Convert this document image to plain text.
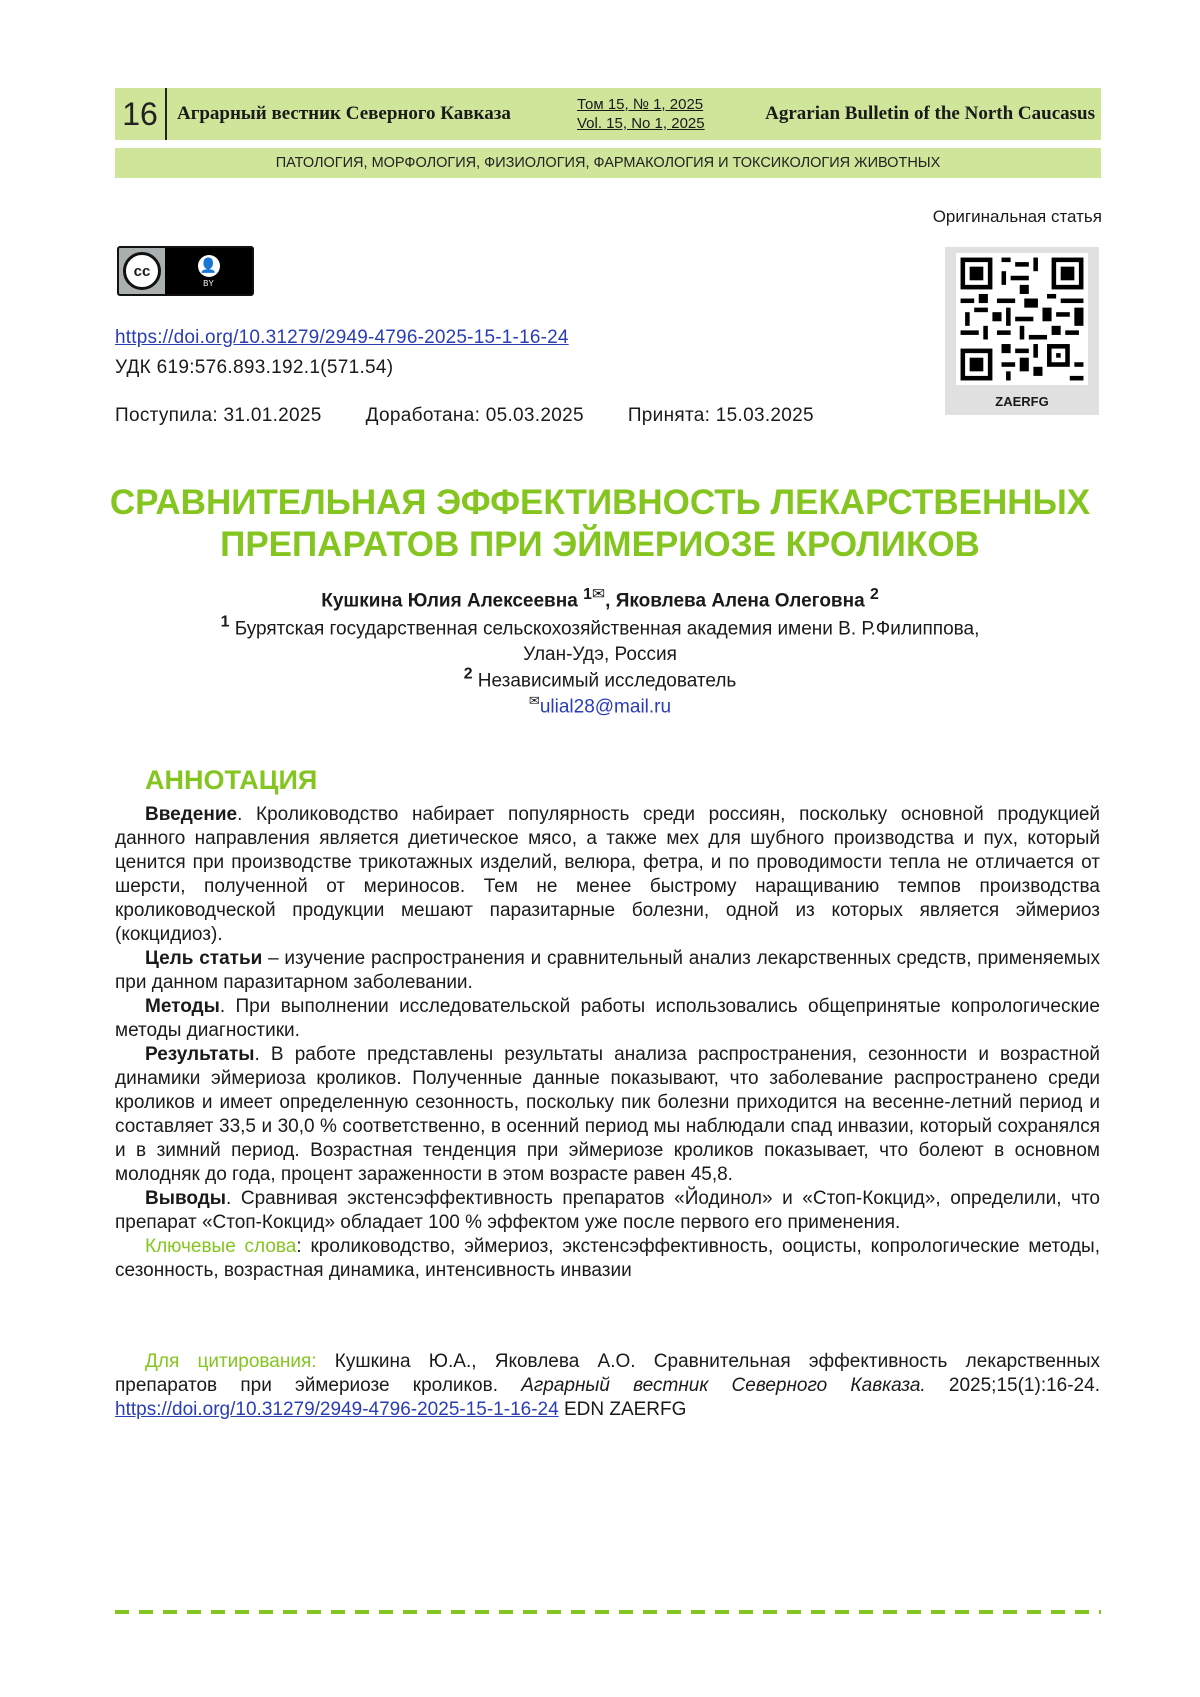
16	Аграрный вестник Северного Кавказа	Том 15, № 1, 2025
Vol. 15, No 1, 2025	Agrarian Bulletin of the North Caucasus
ПАТОЛОГИЯ, МОРФОЛОГИЯ, ФИЗИОЛОГИЯ, ФАРМАКОЛОГИЯ И ТОКСИКОЛОГИЯ ЖИВОТНЫХ
Оригинальная статья
cc	👤
BY
ZAERFG
https://doi.org/10.31279/2949-4796-2025-15-1-16-24
УДК 619:576.893.192.1(571.54)
Поступила: 31.01.2025 Доработана: 05.03.2025 Принята: 15.03.2025
СРАВНИТЕЛЬНАЯ ЭФФЕКТИВНОСТЬ ЛЕКАРСТВЕННЫХ
ПРЕПАРАТОВ ПРИ ЭЙМЕРИОЗЕ КРОЛИКОВ
Кушкина Юлия Алексеевна $^{1✉}$, Яковлева Алена Олеговна $^2$
$^1$ Бурятская государственная сельскохозяйственная академия имени В. Р.Филиппова,
Улан-Удэ, Россия
$^2$ Независимый исследователь
✉ulial28@mail.ru
АННОТАЦИЯ

Введение. Кролиководство набирает популярность среди россиян, поскольку основной продукцией данного направления является диетическое мясо, а также мех для шубного производства и пух, который ценится при производстве трикотажных изделий, велюра, фетра, и по проводимости тепла не отличается от шерсти, полученной от мериносов. Тем не менее быстрому наращиванию темпов производства кролиководческой продукции мешают паразитарные болезни, одной из которых является эймериоз (кокцидиоз).

Цель статьи – изучение распространения и сравнительный анализ лекарственных средств, применяемых при данном паразитарном заболевании.

Методы. При выполнении исследовательской работы использовались общепринятые копрологические методы диагностики.

Результаты. В работе представлены результаты анализа распространения, сезонности и возрастной динамики эймериоза кроликов. Полученные данные показывают, что заболевание распространено среди кроликов и имеет определенную сезонность, поскольку пик болезни приходится на весенне-летний период и составляет 33,5 и 30,0 % соответственно, в осенний период мы наблюдали спад инвазии, который сохранялся и в зимний период. Возрастная тенденция при эймериозе кроликов показывает, что болеют в основном молодняк до года, процент зараженности в этом возрасте равен 45,8.

Выводы. Сравнивая экстенсэффективность препаратов «Йодинол» и «Стоп-Кокцид», определили, что препарат «Стоп-Кокцид» обладает 100 % эффектом уже после первого его применения.

Ключевые слова: кролиководство, эймериоз, экстенсэффективность, ооцисты, копрологические методы, сезонность, возрастная динамика, интенсивность инвазии

Для цитирования: Кушкина Ю.А., Яковлева А.О. Сравнительная эффективность лекарственных препаратов при эймериозе кроликов. Аграрный вестник Северного Кавказа. 2025;15(1):16-24. https://doi.org/10.31279/2949-4796-2025-15-1-16-24 EDN ZAERFG
